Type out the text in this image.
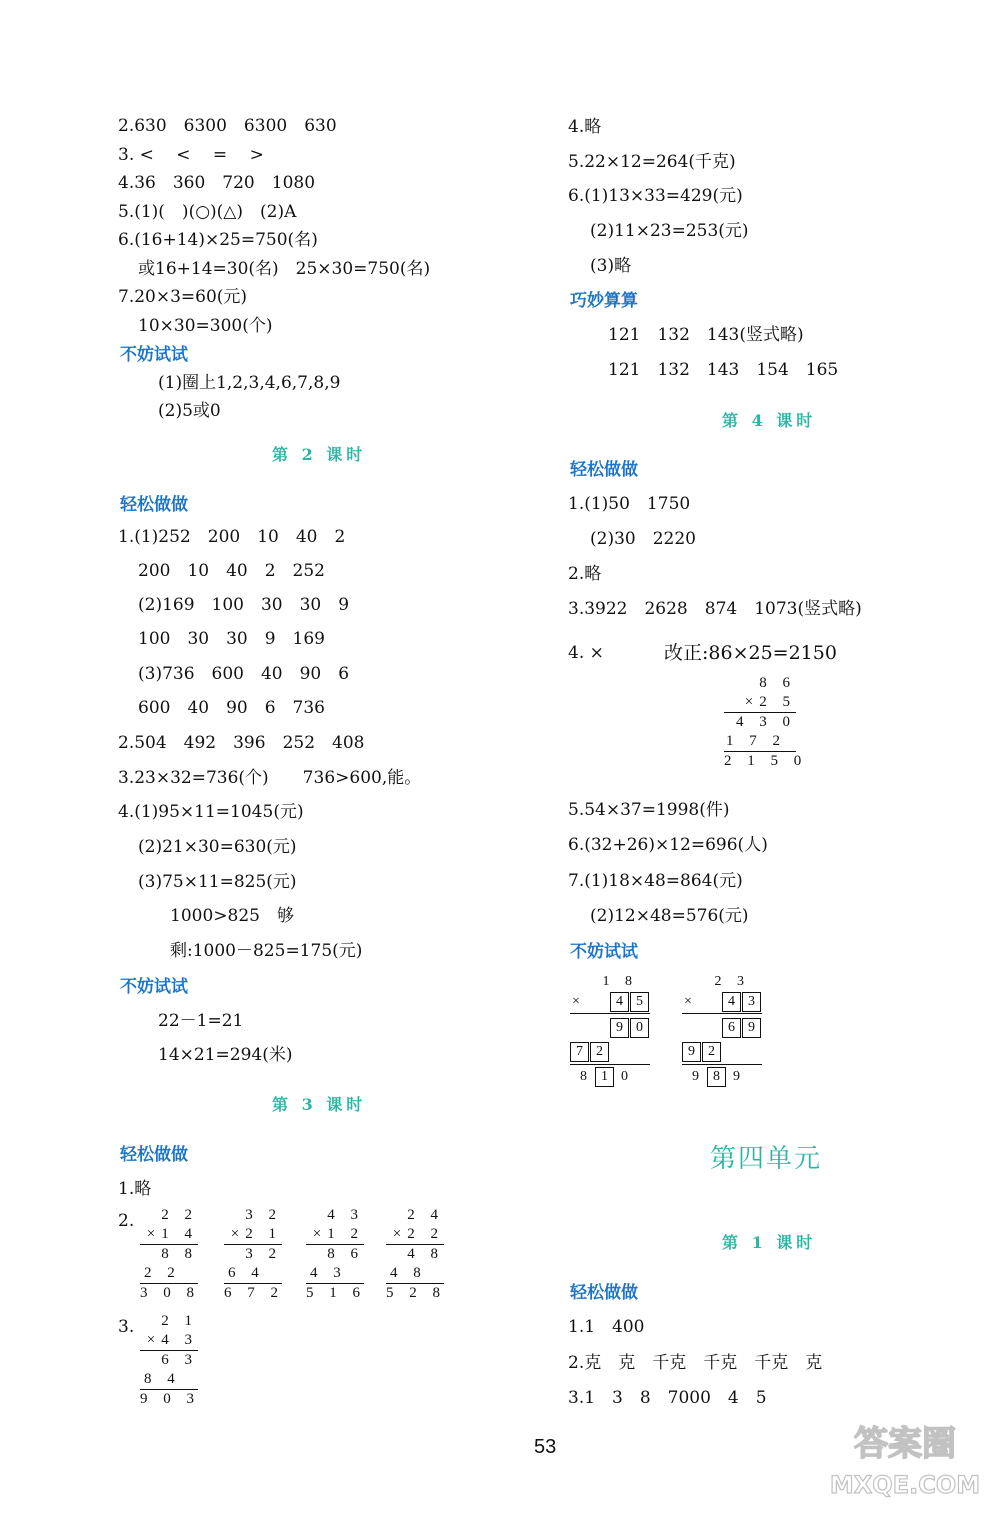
2.630　6300　6300　630
3. <　 <　 =　 >
4.36　360　720　1080
5.(1)(　)(○)(△)　(2)A
6.(16+14)×25=750(名)
或16+14=30(名)　25×30=750(名)
7.20×3=60(元)
10×30=300(个)
不妨试试
(1)圈上1,2,3,4,6,7,8,9
(2)5或0
第 2 课时
轻松做做
1.(1)252　200　10　40　2
200　10　40　2　252
(2)169　100　30　30　9
100　30　30　9　169
(3)736　600　40　90　6
600　40　90　6　736
2.504　492　396　252　408
3.23×32=736(个)　　736>600,能。
4.(1)95×11=1045(元)
(2)21×30=630(元)
(3)75×11=825(元)
1000>825　够
剩:1000－825=175(元)
不妨试试
22－1=21
14×21=294(米)
第 3 课时
轻松做做
1.略
2.	2 2
×1 4
8 8
2 2
3 0 8
3 2
×2 1
3 2
6 4
6 7 2
4 3
×1 2
8 6
4 3
5 1 6
2 4
×2 2
4 8
4 8
5 2 8
3.	2 1
×4 3
6 3
8 4
9 0 3
4.略
5.22×12=264(千克)
6.(1)13×33=429(元)
(2)11×23=253(元)
(3)略
巧妙算算
121　132　143(竖式略)
121　132　143　154　165
第 4 课时
轻松做做
1.(1)50　1750
(2)30　2220
2.略
3.3922　2628　874　1073(竖式略)
4. ×	改正:86×25=2150
8 6
×2 5
4 3 0
1 7 2
2 1 5 0
5.54×37=1998(件)
6.(32+26)×12=696(人)
7.(1)18×48=864(元)
(2)12×48=576(元)
不妨试试
1 8
×	4 5
9 0
7 2
8 1 0
2 3
×	4 3
6 9
9 2
9 8 9
第四单元
第 1 课时
轻松做做
1.1　400
2.克　克　千克　千克　千克　克
3.1　3　8　7000　4　5
53	答案圈
MXQE.COM
